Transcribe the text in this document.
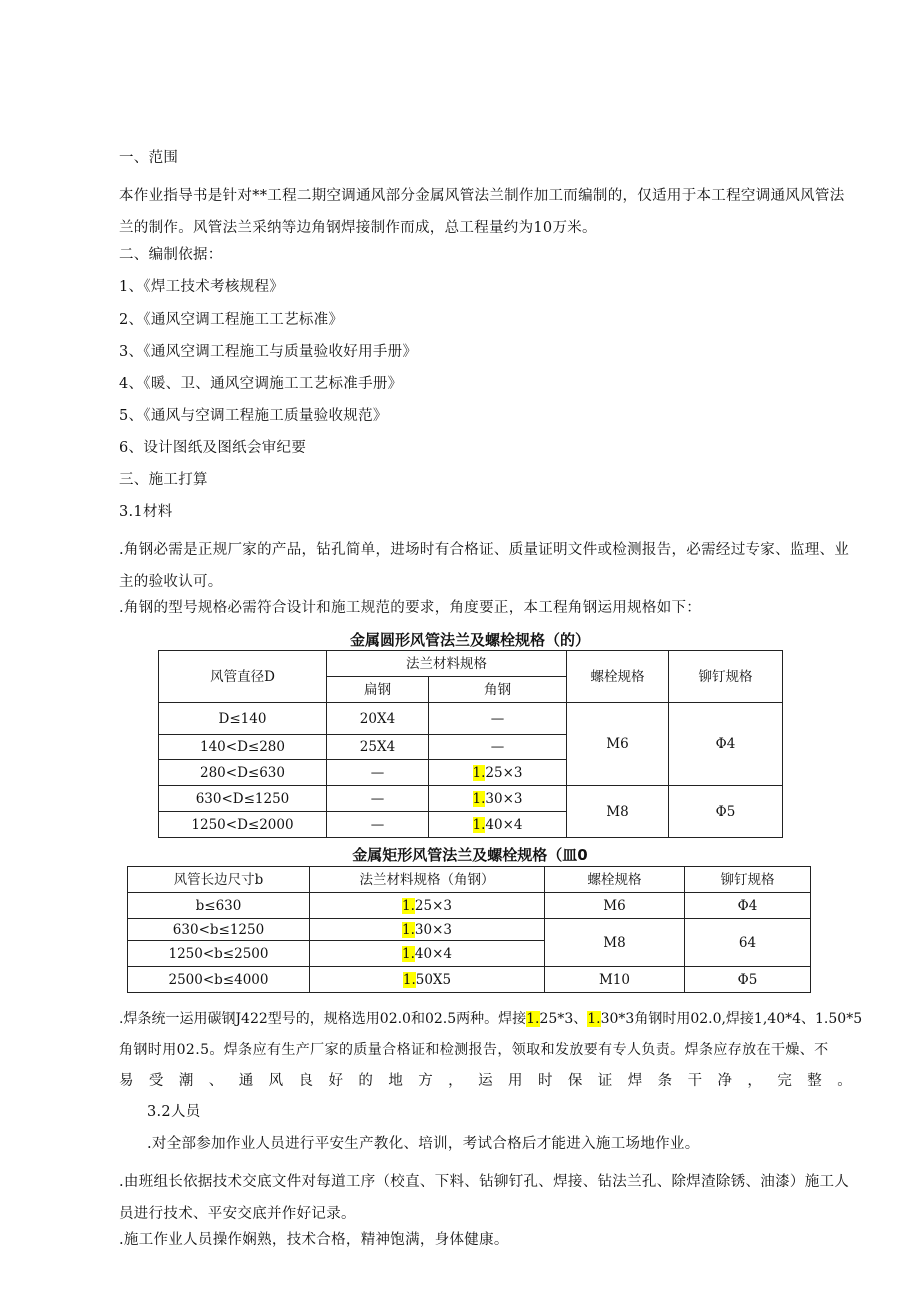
一、范围
本作业指导书是针对**工程二期空调通风部分金属风管法兰制作加工而编制的，仅适用于本工程空调通风风管法兰的制作。风管法兰采纳等边角钢焊接制作而成，总工程量约为10万米。
二、编制依据：
1、《焊工技术考核规程》
2、《通风空调工程施工工艺标准》
3、《通风空调工程施工与质量验收好用手册》
4、《暖、卫、通风空调施工工艺标准手册》
5、《通风与空调工程施工质量验收规范》
6、设计图纸及图纸会审纪要
三、施工打算
3.1材料
.角钢必需是正规厂家的产品，钻孔简单，进场时有合格证、质量证明文件或检测报告，必需经过专家、监理、业主的验收认可。
.角钢的型号规格必需符合设计和施工规范的要求，角度要正，本工程角钢运用规格如下：
金属圆形风管法兰及螺栓规格（的）
风管直径D	法兰材料规格		螺栓规格	铆钉规格
	扁钢	角钢		
D≤140	20X4	—	M6	Φ4
140<D≤280	25X4	—		
280<D≤630	—	1.25×3		
630<D≤1250	—	1.30×3	M8	Φ5
1250<D≤2000	—	1.40×4		
金属矩形风管法兰及螺栓规格（皿0
风管长边尺寸b	法兰材料规格（角钢）	螺栓规格	铆钉规格
b≤630	1.25×3	M6	Φ4
630<b≤1250	1.30×3	M8	64
1250<b≤2500	1.40×4		
2500<b≤4000	1.50X5	M10	Φ5
.焊条统一运用碳钢J422型号的，规格选用02.0和02.5两种。焊接1.25*3、1.30*3角钢时用02.0,焊接1,40*4、1.50*5
角钢时用02.5。焊条应有生产厂家的质量合格证和检测报告，领取和发放要有专人负责。焊条应存放在干燥、不
易受潮、通风良好的地方，运用时保证焊条干净，完整。
3.2人员
.对全部参加作业人员进行平安生产教化、培训，考试合格后才能进入施工场地作业。
.由班组长依据技术交底文件对每道工序（校直、下料、钻铆钉孔、焊接、钻法兰孔、除焊渣除锈、油漆）施工人员进行技术、平安交底并作好记录。
.施工作业人员操作娴熟，技术合格，精神饱满，身体健康。
